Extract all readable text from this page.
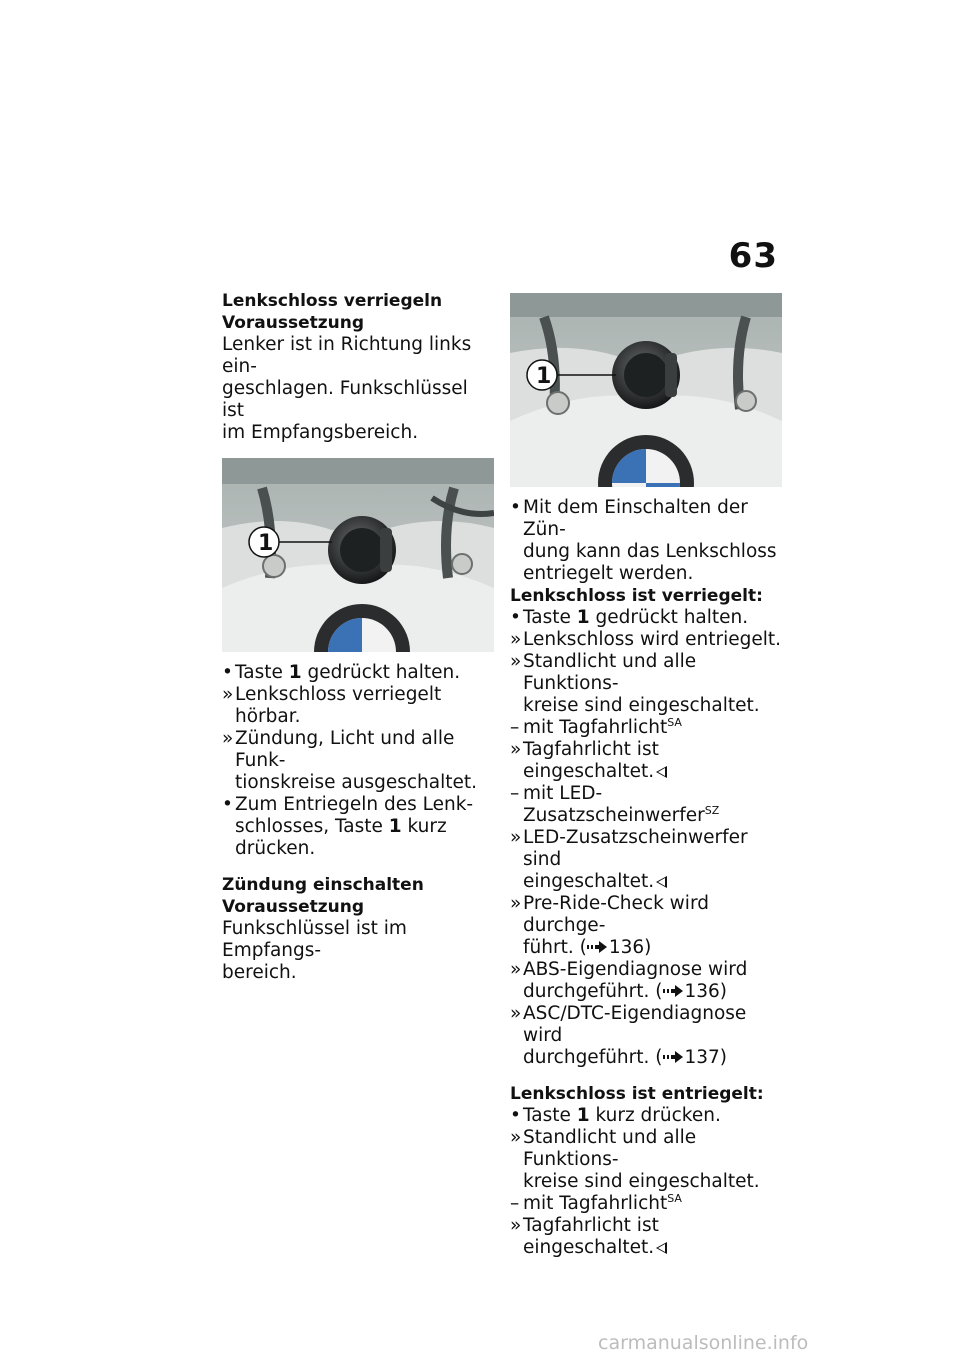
63
Lenkschloss verriegeln
Voraussetzung
Lenker ist in Richtung links ein-
geschlagen. Funkschlüssel ist
im Empfangsbereich.
1
• Taste 1 gedrückt halten.
» Lenkschloss verriegelt hörbar.
» Zündung, Licht und alle Funk-
tionskreise ausgeschaltet.
• Zum Entriegeln des Lenk-
schlosses, Taste 1 kurz
drücken.
Zündung einschalten
Voraussetzung
Funkschlüssel ist im Empfangs-
bereich.
1
• Mit dem Einschalten der Zün-
dung kann das Lenkschloss
entriegelt werden.
Lenkschloss ist verriegelt:
• Taste 1 gedrückt halten.
» Lenkschloss wird entriegelt.
» Standlicht und alle Funktions-
kreise sind eingeschaltet.
– mit Tagfahrlicht$^{SA}$
» Tagfahrlicht ist
eingeschaltet.
– mit LED-Zusatzscheinwerfer$^{SZ}$
» LED-Zusatzscheinwerfer sind
eingeschaltet.
» Pre-Ride-Check wird durchge-
führt. ( 136)
» ABS-Eigendiagnose wird
durchgeführt. ( 136)
» ASC/DTC-Eigendiagnose wird
durchgeführt. ( 137)
Lenkschloss ist entriegelt:
• Taste 1 kurz drücken.
» Standlicht und alle Funktions-
kreise sind eingeschaltet.
– mit Tagfahrlicht$^{SA}$
» Tagfahrlicht ist
eingeschaltet.
carmanualsonline.info
